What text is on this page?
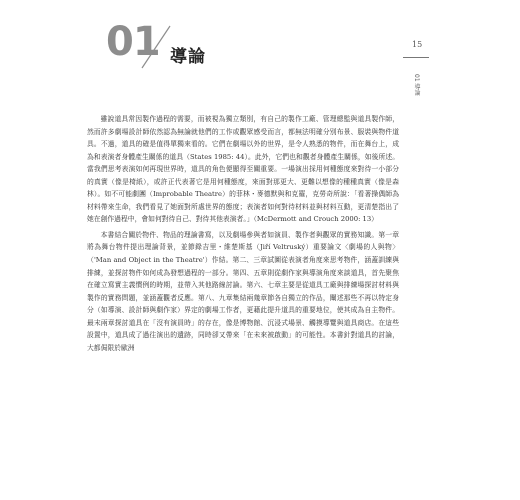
01 導論
15
01 導論

雖說道具常因製作過程的需要，而被視為獨立類別，有自己的製作工廠、管理總監與道具製作師，然而許多劇場設計師依然認為無論就他們的工作或觀眾感受而言，都無法明確分別布景、服裝與物件道具。不過，道具的確是值得單獨來看的。它們在劇場以外的世界，是令人熟悉的物件，而在舞台上，成為和表演者身體產生關係的道具（States 1985: 44）。此外，它們也和觀者身體產生關係，如後所述。當我們思考表演如何再現世界時，道具的角色便顯得至關重要。一場演出採用何種態度來對待一小部分的真實（像是椅紙），或許正代表著它是用何種態度，來面對那更大、更難以想像的種種真實（像是森林）。如不可能劇團（Improbable Theatre）的菲林・麥德默與和克羅，克勞奇所說：「看著操偶師為材料帶來生命，我們看見了她面對所處世界的態度；表演者如何對待材料並與材料互動，更清楚指出了她在創作過程中，會如何對待自己、對待其他表演者。」（McDermott and Crouch 2000: 13）

本書結合關於物件、物品的理論書寫，以及劇場參與者如演員、製作者與觀眾的實務知識。第一章將為舞台物件提出理論背景，並節錄吉里・維楚斯基（Jiří Veltruský）重要論文〈劇場的人與物〉（'Man and Object in the Theatre'）作結。第二、三章試圖從表演者角度來思考物件，涵蓋訓練與排練，並探討物件如何成為發想過程的一部分。第四、五章則從劇作家與導演角度來談道具，首先聚焦在確立寫實主義慣例的時期，並帶入其他路線討論。第六、七章主要是從道具工廠與排練場探討材料與製作的實務問題，並涵蓋觀者反應。第八、九章集結兩幾章節各自獨立的作品，闡述那些不再以特定身分（如導演、設計師與劇作家）界定的劇場工作者，更藉此提升道具的重要地位，使其成為自主物件。最末兩章探討道具在「沒有演員時」的存在，像是博物館、沉浸式場景、觸摸導覽與道具商店。在這些設置中，道具成了過往演出的遺跡，同時卻又帶來「在未來被啟動」的可能性。本書針對道具的討論，大都侷限於歐洲
